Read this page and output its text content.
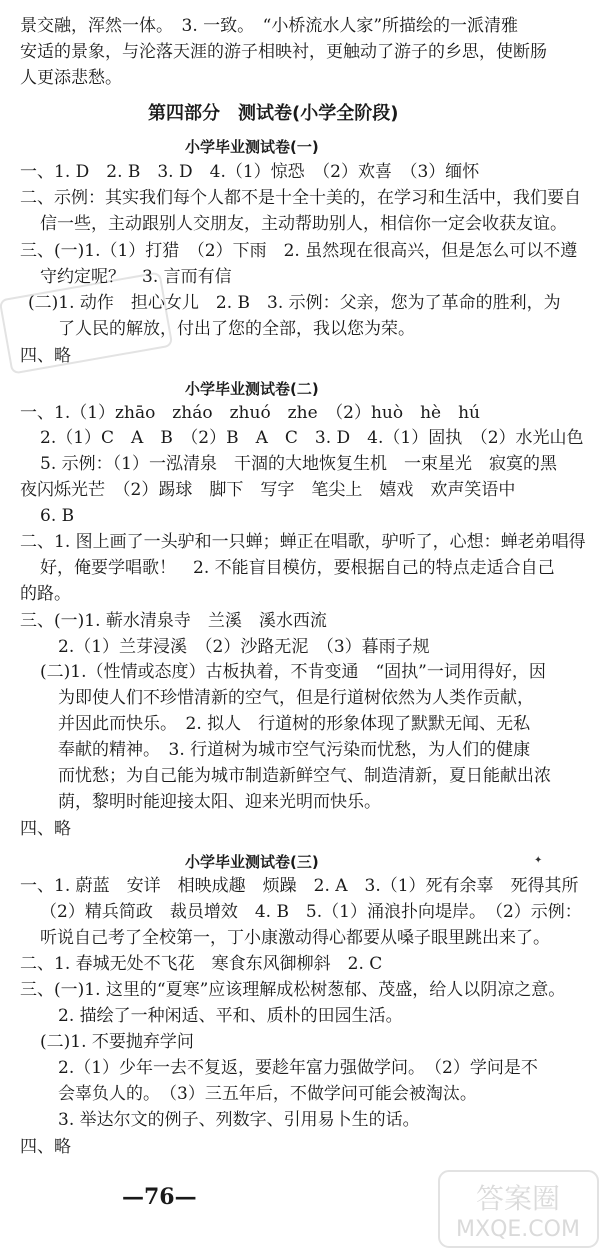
景交融，浑然一体。　3. 一致。　“小桥流水人家”所描绘的一派清雅
安适的景象，与沦落天涯的游子相映衬，更触动了游子的乡思，使断肠
人更添悲愁。
第四部分　测试卷(小学全阶段)
小学毕业测试卷(一)
一、1. D　2. B　3. D　4.（1）惊恐　（2）欢喜　（3）缅怀
二、示例：其实我们每个人都不是十全十美的，在学习和生活中，我们要自
信一些，主动跟别人交朋友，主动帮助别人，相信你一定会收获友谊。
三、(一)1.（1）打猎　（2）下雨　2. 虽然现在很高兴，但是怎么可以不遵
守约定呢？　3. 言而有信
(二)1. 动作　担心女儿　2. B　3. 示例：父亲，您为了革命的胜利，为
了人民的解放，付出了您的全部，我以您为荣。
四、略
小学毕业测试卷(二)
一、1.（1）zhāo　zháo　zhuó　zhe　（2）huò　hè　hú
2.（1）C　A　B　（2）B　A　C　3. D　4.（1）固执　（2）水光山色
5. 示例：（1）一泓清泉　干涸的大地恢复生机　一束星光　寂寞的黑
夜闪烁光芒　（2）踢球　脚下　写字　笔尖上　嬉戏　欢声笑语中
6. B
二、1. 图上画了一头驴和一只蝉；蝉正在唱歌，驴听了，心想：蝉老弟唱得
好，俺要学唱歌！　2. 不能盲目模仿，要根据自己的特点走适合自己
的路。
三、(一)1. 蕲水清泉寺　兰溪　溪水西流
2.（1）兰芽浸溪　（2）沙路无泥　（3）暮雨子规
(二)1.（性情或态度）古板执着，不肯变通　“固执”一词用得好，因
为即使人们不珍惜清新的空气，但是行道树依然为人类作贡献，
并因此而快乐。　2. 拟人　行道树的形象体现了默默无闻、无私
奉献的精神。　3. 行道树为城市空气污染而忧愁，为人们的健康
而忧愁；为自己能为城市制造新鲜空气、制造清新，夏日能献出浓
荫，黎明时能迎接太阳、迎来光明而快乐。
四、略
小学毕业测试卷(三)
一、1. 蔚蓝　安详　相映成趣　烦躁　2. A　3.（1）死有余辜　死得其所
（2）精兵简政　裁员增效　4. B　5.（1）涌浪扑向堤岸。　（2）示例：
听说自己考了全校第一，丁小康激动得心都要从嗓子眼里跳出来了。
二、1. 春城无处不飞花　寒食东风御柳斜　2. C
三、(一)1. 这里的“夏寒”应该理解成松树葱郁、茂盛，给人以阴凉之意。
2. 描绘了一种闲适、平和、质朴的田园生活。
(二)1. 不要抛弃学问
2.（1）少年一去不复返，要趁年富力强做学问。　（2）学问是不
会辜负人的。　（3）三五年后，不做学问可能会被淘汰。
3. 举达尔文的例子、列数字、引用易卜生的话。
四、略
✦
—76—	答案圈
MXQE.COM
